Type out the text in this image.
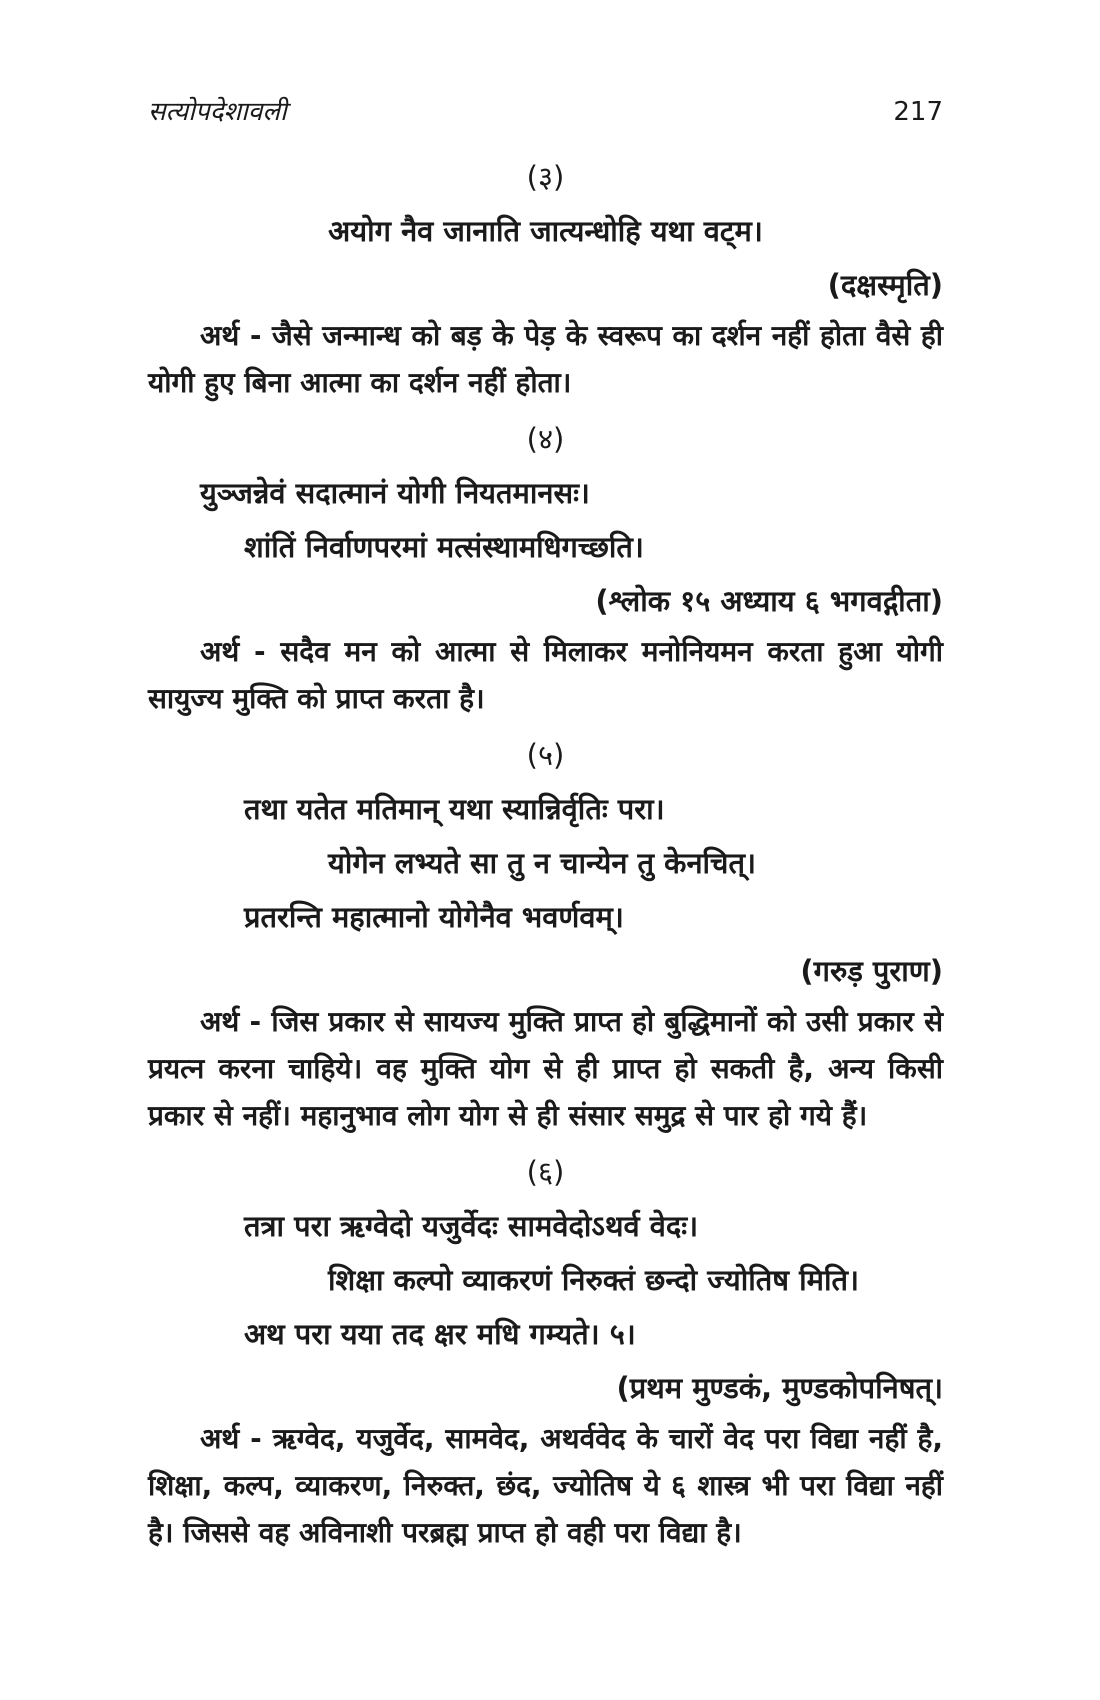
सत्योपदेशावली	217

(३)

अयोग नैव जानाति जात्यन्धोहि यथा वट्म।

(दक्षस्मृति)

अर्थ - जैसे जन्मान्ध को बड़ के पेड़ के स्वरूप का दर्शन नहीं होता वैसे ही योगी हुए बिना आत्मा का दर्शन नहीं होता।

(४)

युञ्जन्नेवं सदात्मानं योगी नियतमानसः।

शांतिं निर्वाणपरमां मत्संस्थामधिगच्छति।

(श्लोक १५ अध्याय ६ भगवद्गीता)

अर्थ - सदैव मन को आत्मा से मिलाकर मनोनियमन करता हुआ योगी सायुज्य मुक्ति को प्राप्त करता है।

(५)

तथा यतेत मतिमान् यथा स्यान्निर्वृतिः परा।

योगेन लभ्यते सा तु न चान्येन तु केनचित्।

प्रतरन्ति महात्मानो योगेनैव भवर्णवम्।

(गरुड़ पुराण)

अर्थ - जिस प्रकार से सायज्य मुक्ति प्राप्त हो बुद्धिमानों को उसी प्रकार से प्रयत्न करना चाहिये। वह मुक्ति योग से ही प्राप्त हो सकती है, अन्य किसी प्रकार से नहीं। महानुभाव लोग योग से ही संसार समुद्र से पार हो गये हैं।

(६)

तत्रा परा ऋग्वेदो यजुर्वेदः सामवेदोऽथर्व वेदः।

शिक्षा कल्पो व्याकरणं निरुक्तं छन्दो ज्योतिष मिति।

अथ परा यया तद क्षर मधि गम्यते। ५।

(प्रथम मुण्डकं, मुण्डकोपनिषत्।

अर्थ - ऋग्वेद, यजुर्वेद, सामवेद, अथर्ववेद के चारों वेद परा विद्या नहीं है, शिक्षा, कल्प, व्याकरण, निरुक्त, छंद, ज्योतिष ये ६ शास्त्र भी परा विद्या नहीं है। जिससे वह अविनाशी परब्रह्म प्राप्त हो वही परा विद्या है।
